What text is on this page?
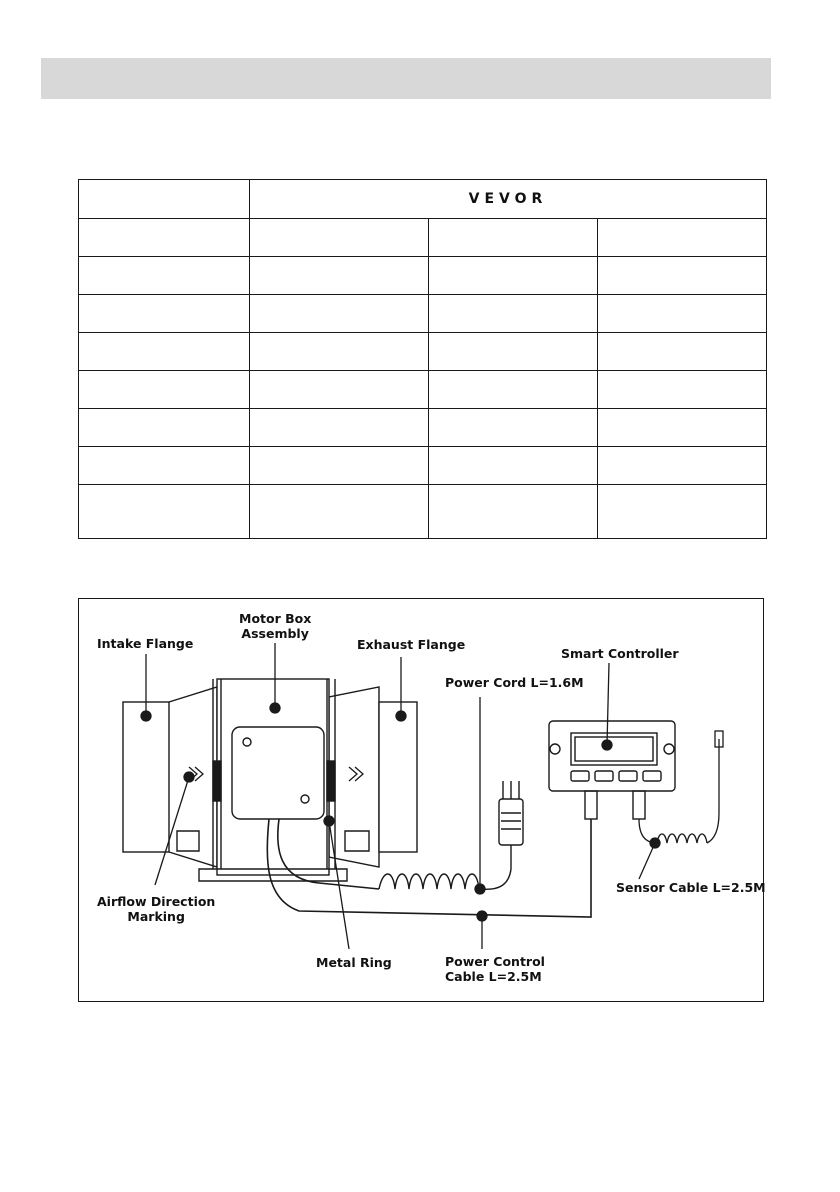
	VEVOR		

Intake Flange
Motor Box
Assembly
Exhaust Flange
Smart Controller
Power Cord L=1.6M
Sensor Cable L=2.5M
Airflow Direction
Marking
Metal Ring	Power Control
Cable L=2.5M
